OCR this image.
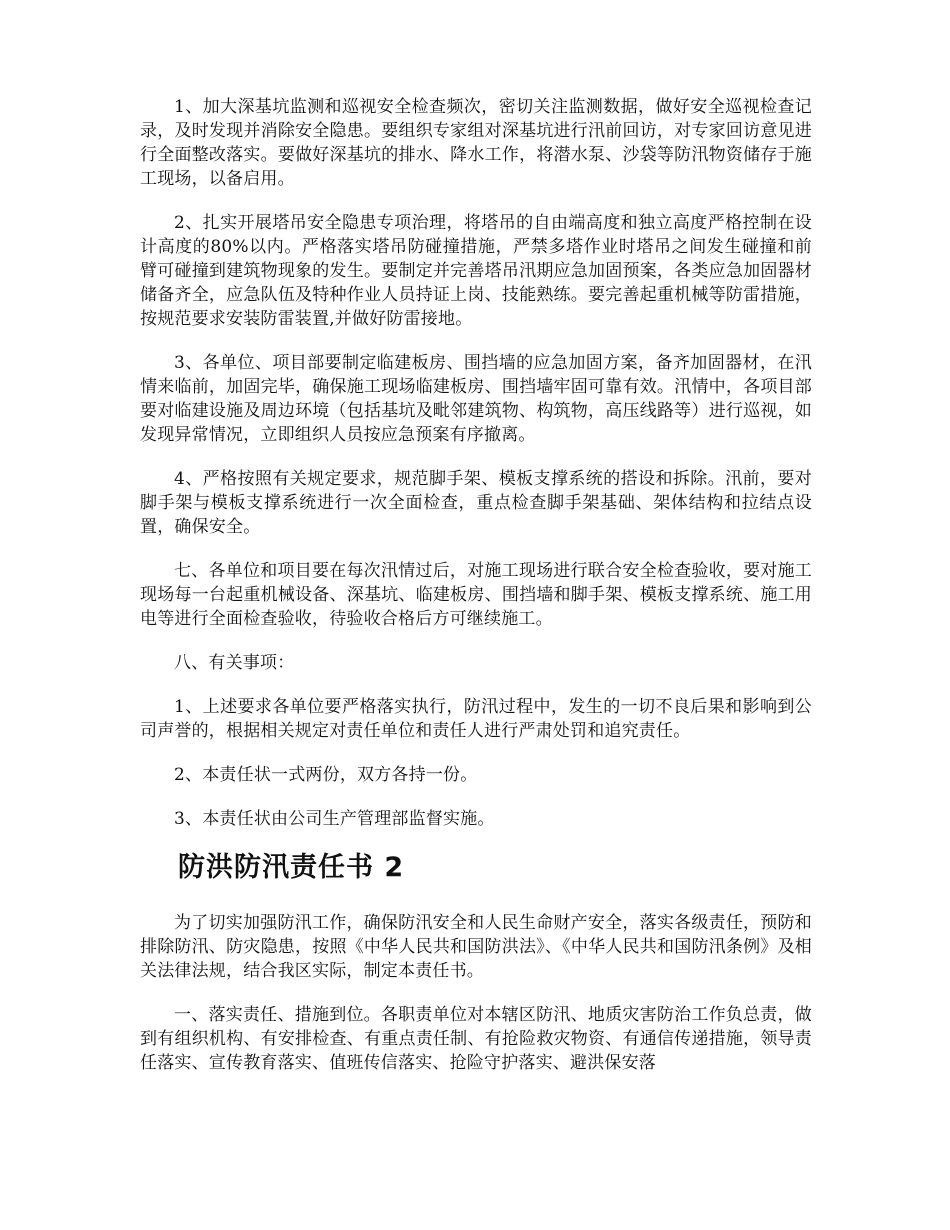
1、加大深基坑监测和巡视安全检查频次，密切关注监测数据，做好安全巡视检查记录，及时发现并消除安全隐患。要组织专家组对深基坑进行汛前回访，对专家回访意见进行全面整改落实。要做好深基坑的排水、降水工作，将潜水泵、沙袋等防汛物资储存于施工现场，以备启用。

2、扎实开展塔吊安全隐患专项治理，将塔吊的自由端高度和独立高度严格控制在设计高度的80%以内。严格落实塔吊防碰撞措施，严禁多塔作业时塔吊之间发生碰撞和前臂可碰撞到建筑物现象的发生。要制定并完善塔吊汛期应急加固预案，各类应急加固器材储备齐全，应急队伍及特种作业人员持证上岗、技能熟练。要完善起重机械等防雷措施，按规范要求安装防雷装置,并做好防雷接地。

3、各单位、项目部要制定临建板房、围挡墙的应急加固方案，备齐加固器材，在汛情来临前，加固完毕，确保施工现场临建板房、围挡墙牢固可靠有效。汛情中，各项目部要对临建设施及周边环境（包括基坑及毗邻建筑物、构筑物，高压线路等）进行巡视，如发现异常情况，立即组织人员按应急预案有序撤离。

4、严格按照有关规定要求，规范脚手架、模板支撑系统的搭设和拆除。汛前，要对脚手架与模板支撑系统进行一次全面检查，重点检查脚手架基础、架体结构和拉结点设置，确保安全。

七、各单位和项目要在每次汛情过后，对施工现场进行联合安全检查验收，要对施工现场每一台起重机械设备、深基坑、临建板房、围挡墙和脚手架、模板支撑系统、施工用电等进行全面检查验收，待验收合格后方可继续施工。

八、有关事项：

1、上述要求各单位要严格落实执行，防汛过程中，发生的一切不良后果和影响到公司声誉的，根据相关规定对责任单位和责任人进行严肃处罚和追究责任。

2、本责任状一式两份，双方各持一份。

3、本责任状由公司生产管理部监督实施。

防洪防汛责任书 2

为了切实加强防汛工作，确保防汛安全和人民生命财产安全，落实各级责任，预防和排除防汛、防灾隐患，按照《中华人民共和国防洪法》、《中华人民共和国防汛条例》及相关法律法规，结合我区实际，制定本责任书。

一、落实责任、措施到位。各职责单位对本辖区防汛、地质灾害防治工作负总责，做到有组织机构、有安排检查、有重点责任制、有抢险救灾物资、有通信传递措施，领导责任落实、宣传教育落实、值班传信落实、抢险守护落实、避洪保安落
